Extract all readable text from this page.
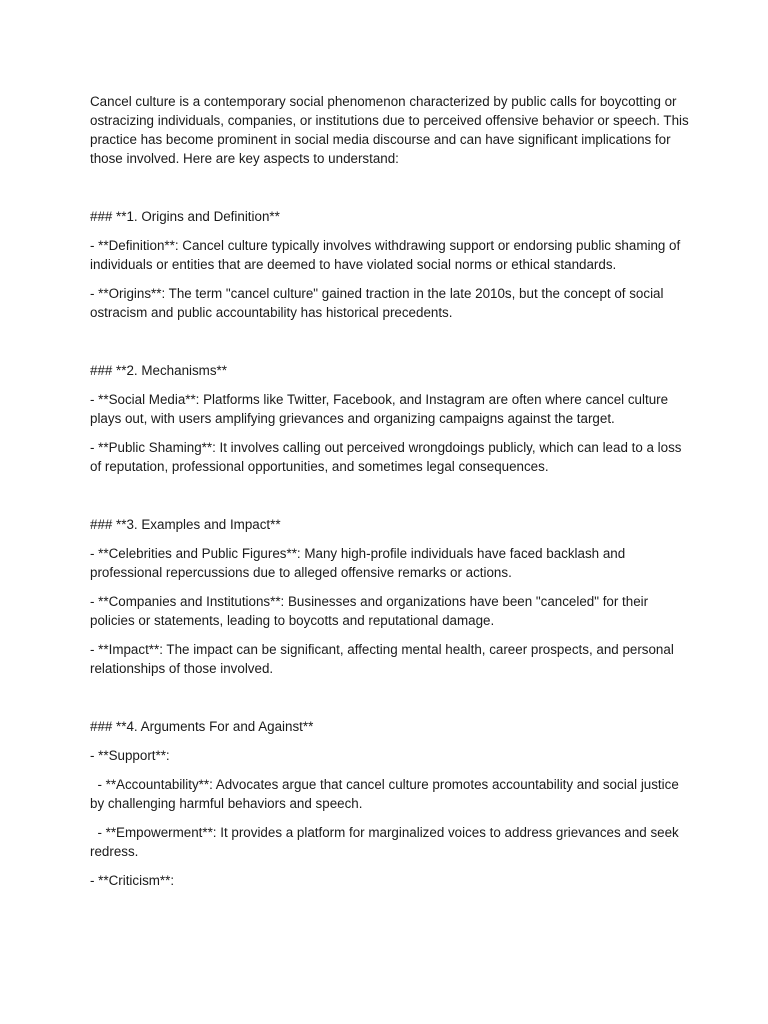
Cancel culture is a contemporary social phenomenon characterized by public calls for boycotting or ostracizing individuals, companies, or institutions due to perceived offensive behavior or speech. This practice has become prominent in social media discourse and can have significant implications for those involved. Here are key aspects to understand:

### **1. Origins and Definition**

- **Definition**: Cancel culture typically involves withdrawing support or endorsing public shaming of individuals or entities that are deemed to have violated social norms or ethical standards.

- **Origins**: The term "cancel culture" gained traction in the late 2010s, but the concept of social ostracism and public accountability has historical precedents.

### **2. Mechanisms**

- **Social Media**: Platforms like Twitter, Facebook, and Instagram are often where cancel culture plays out, with users amplifying grievances and organizing campaigns against the target.

- **Public Shaming**: It involves calling out perceived wrongdoings publicly, which can lead to a loss of reputation, professional opportunities, and sometimes legal consequences.

### **3. Examples and Impact**

- **Celebrities and Public Figures**: Many high-profile individuals have faced backlash and professional repercussions due to alleged offensive remarks or actions.

- **Companies and Institutions**: Businesses and organizations have been "canceled" for their policies or statements, leading to boycotts and reputational damage.

- **Impact**: The impact can be significant, affecting mental health, career prospects, and personal relationships of those involved.

### **4. Arguments For and Against**

- **Support**:

- **Accountability**: Advocates argue that cancel culture promotes accountability and social justice by challenging harmful behaviors and speech.

- **Empowerment**: It provides a platform for marginalized voices to address grievances and seek redress.

- **Criticism**:
